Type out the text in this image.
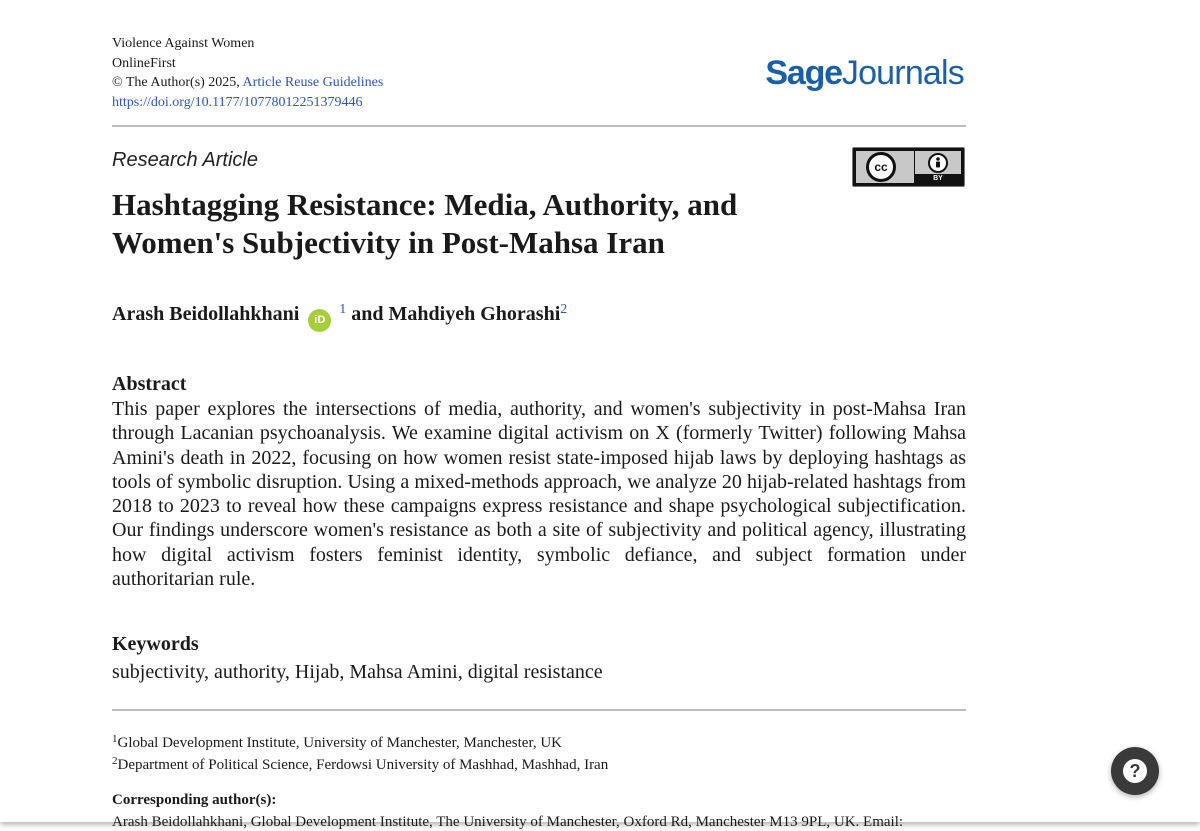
Violence Against Women
OnlineFirst
© The Author(s) 2025, Article Reuse Guidelines
https://doi.org/10.1177/10778012251379446
SageJournals
Research Article	cc
BY
Hashtagging Resistance: Media, Authority, and
Women's Subjectivity in Post-Mahsa Iran
Arash Beidollahkhani iD $^1$ and Mahdiyeh Ghorashi$^2$
Abstract
This paper explores the intersections of media, authority, and women's subjectivity in post-Mahsa Iran through Lacanian psychoanalysis. We examine digital activism on X (formerly Twitter) following Mahsa Amini's death in 2022, focusing on how women resist state-imposed hijab laws by deploying hashtags as tools of symbolic disruption. Using a mixed-methods approach, we analyze 20 hijab-related hashtags from 2018 to 2023 to reveal how these campaigns express resistance and shape psychological subjectification. Our findings underscore women's resistance as both a site of subjectivity and political agency, illustrating how digital activism fosters feminist identity, symbolic defiance, and subject formation under authoritarian rule.
Keywords
subjectivity, authority, Hijab, Mahsa Amini, digital resistance
$^1$Global Development Institute, University of Manchester, Manchester, UK
$^2$Department of Political Science, Ferdowsi University of Mashhad, Mashhad, Iran
Corresponding author(s):
Arash Beidollahkhani, Global Development Institute, The University of Manchester, Oxford Rd, Manchester M13 9PL, UK. Email:
?
